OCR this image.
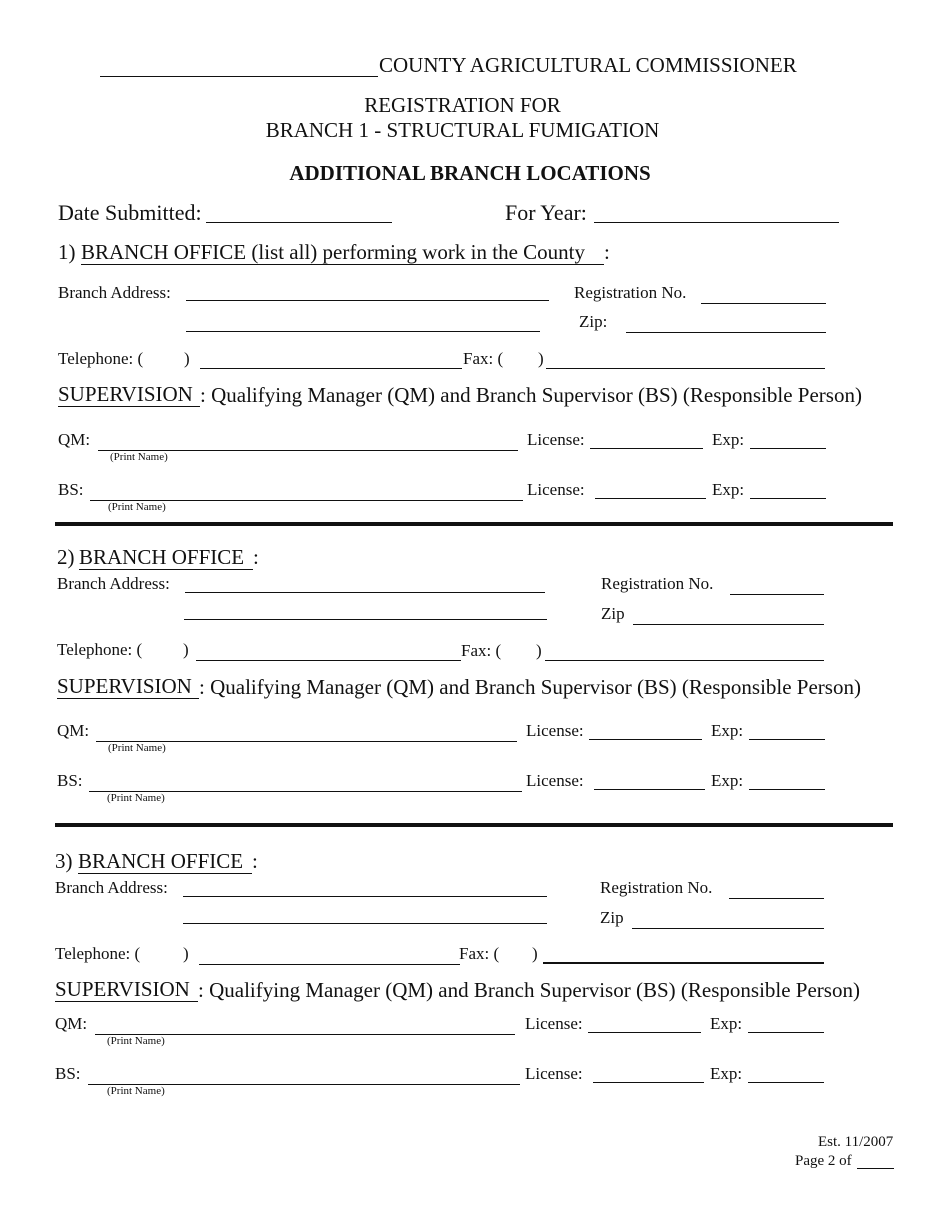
COUNTY AGRICULTURAL COMMISSIONER
REGISTRATION FOR
BRANCH 1 - STRUCTURAL FUMIGATION
ADDITIONAL BRANCH LOCATIONS
Date Submitted:	For Year:
1) BRANCH OFFICE (list all) performing work in the County :
Branch Address:	Registration No.
Zip:
Telephone: ( )	Fax: ( )
SUPERVISION : Qualifying Manager (QM) and Branch Supervisor (BS) (Responsible Person)
QM:
(Print Name)
License:	Exp:
BS:
(Print Name)
License:	Exp:
2) BRANCH OFFICE :
Branch Address:	Registration No.
Zip
Telephone: ( )	Fax: ( )
SUPERVISION : Qualifying Manager (QM) and Branch Supervisor (BS) (Responsible Person)
QM:
(Print Name)
License:	Exp:
BS:
(Print Name)
License:	Exp:
3) BRANCH OFFICE :
Branch Address:	Registration No.
Zip
Telephone: (	)	Fax: ( )
SUPERVISION : Qualifying Manager (QM) and Branch Supervisor (BS) (Responsible Person)
QM:
(Print Name)
License:	Exp:
BS:
(Print Name)
License:	Exp:
Est. 11/2007
Page 2 of
